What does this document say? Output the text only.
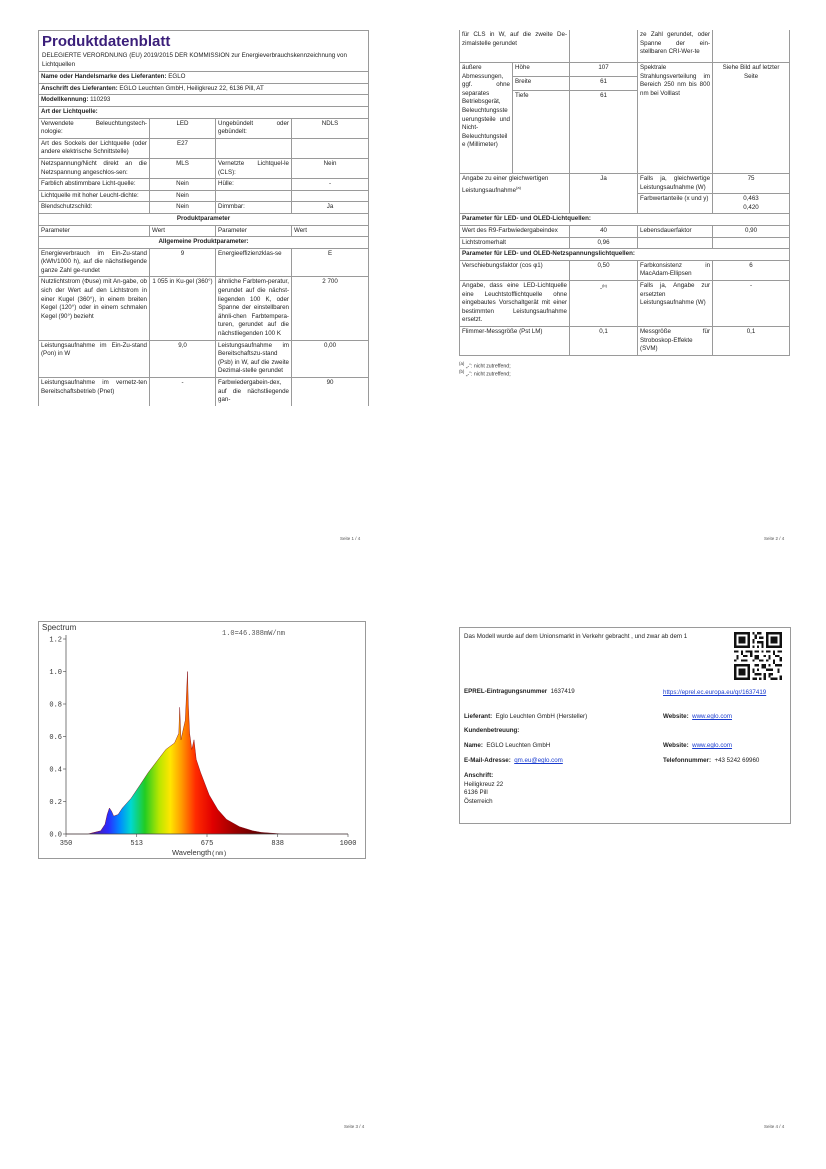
Produktdatenblatt
DELEGIERTE VERORDNUNG (EU) 2019/2015 DER KOMMISSION zur Energieverbrauchskennzeichnung von Lichtquellen			

Name oder Handelsmarke des Lieferanten: EGLO			
Anschrift des Lieferanten: EGLO Leuchten GmbH, Heiligkreuz 22, 6136 Pill, AT			
Modellkennung: 110293			
Art der Lichtquelle:			
Verwendete Beleuchtungstech-nologie:	LED	Ungebündelt oder gebündelt:	NDLS
Art des Sockels der Lichtquelle (oder andere elektrische Schnittstelle)	E27		
Netzspannung/Nicht direkt an die Netzspannung angeschlos-sen:	MLS	Vernetzte Lichtquel-le (CLS):	Nein
Farblich abstimmbare Licht-quelle:	Nein	Hülle:	-
Lichtquelle mit hoher Leucht-dichte:	Nein		
Blendschutzschild:	Nein	Dimmbar:	Ja
Produktparameter			
Parameter	Wert	Parameter	Wert
Allgemeine Produktparameter:			
Energieverbrauch im Ein-Zu-stand (kWh/1000 h), auf die nächstliegende ganze Zahl ge-rundet	9	Energieeffizienzklas-se	E
Nutzlichtstrom (Φuse) mit An-gabe, ob sich der Wert auf den Lichtstrom in einer Kugel (360°), in einem breiten Kegel (120°) oder in einem schmalen Kegel (90°) bezieht	1 055 in Ku-gel (360°)	ähnliche Farbtem-peratur, gerundet auf die nächst-liegenden 100 K, oder Spanne der einstellbaren ähnli-chen Farbtempera-turen, gerundet auf die nächstliegenden 100 K	2 700
Leistungsaufnahme im Ein-Zu-stand (Pon) in W	9,0	Leistungsaufnahme im Bereitschaftszu-stand (Psb) in W, auf die zweite Dezimal-stelle gerundet	0,00
Leistungsaufnahme im vernetz-ten Bereitschaftsbetrieb (Pnet)	-	Farbwiedergabein-dex, auf die nächstliegende gan-	90
Seite 1 / 4
für CLS in W, auf die zweite De-zimalstelle gerundet			ze Zahl gerundet, oder Spanne der ein-stellbaren CRI-Wer-te	
äußere Abmessungen, ggf. ohne separates Betriebsgerät, Beleuchtungssteuerungsteile und Nicht-Beleuchtungsteile (Millimeter)	Höhe	107	Spektrale Strahlungsverteilung im Bereich 250 nm bis 800 nm bei Volllast	Siehe Bild auf letzter Seite
	Breite	61		
	Tiefe	61		
Angabe zu einer gleichwertigen Leistungsaufnahme$^{(a)}$		Ja	Falls ja, gleichwertige Leistungsaufnahme (W)	75
			Farbwertanteile (x und y)	0,463
0,420

Parameter für LED- und OLED-Lichtquellen:				
Wert des R9-Farbwiedergabeindex		40	Lebensdauerfaktor	0,90
Lichtstromerhalt		0,96		
Parameter für LED- und OLED-Netzspannungslichtquellen:				
Verschiebungsfaktor (cos φ1)		0,50	Farbkonsistenz in MacAdam-Ellipsen	6
Angabe, dass eine LED-Lichtquelle eine Leuchtstofflichtquelle ohne eingebautes Vorschaltgerät mit einer bestimmten Leistungsaufnahme ersetzt.		-$^{(b)}$	Falls ja, Angabe zur ersetzten Leistungsaufnahme (W)	-
Flimmer-Messgröße (Pst LM)		0,1	Messgröße für Stroboskop-Effekte (SVM)	0,1
$^{(a)}$ „-“: nicht zutreffend;
$^{(b)}$ „-“: nicht zutreffend;
Seite 2 / 4
Spectrum
1.0=46.388mW/nm
0.0
0.2
0.4
0.6
0.8
1.0
1.2
350	513	675	838	1000
Wavelength(nm)
Seite 3 / 4
Das Modell wurde auf dem Unionsmarkt in Verkehr gebracht , und zwar ab dem 1
EPREL-Eintragungsnummer 1637419	https://eprel.ec.europa.eu/qr/1637419
Lieferant: Eglo Leuchten GmbH (Hersteller)	Website: www.eglo.com
Kundenbetreuung:
Name: EGLO Leuchten GmbH	Website: www.eglo.com
E-Mail-Adresse: qm.eu@eglo.com	Telefonnummer: +43 5242 69960
Anschrift:
Heiligkreuz 22
6136 Pill
Österreich
Seite 4 / 4
